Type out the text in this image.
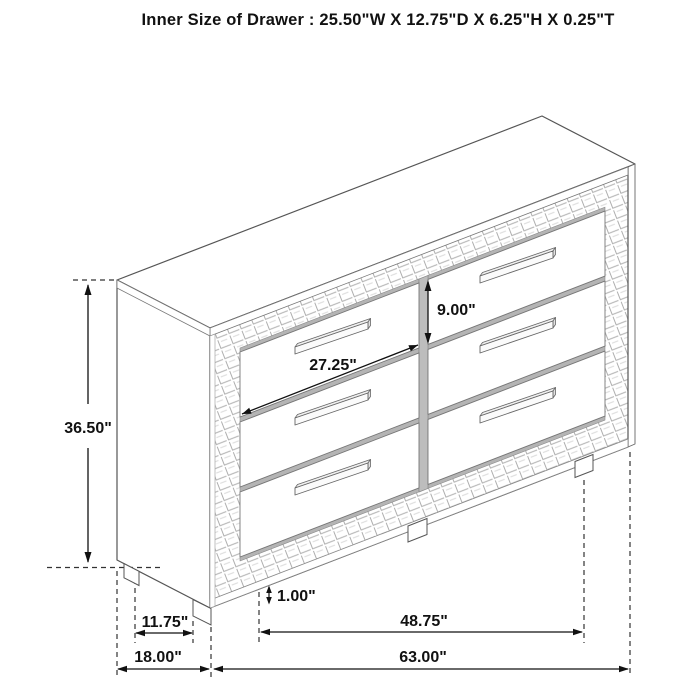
Inner Size of Drawer : 25.50"W X 12.75"D X 6.25"H X 0.25"T
36.50"
9.00"
27.25"
1.00"
11.75"	48.75"
18.00"	63.00"
